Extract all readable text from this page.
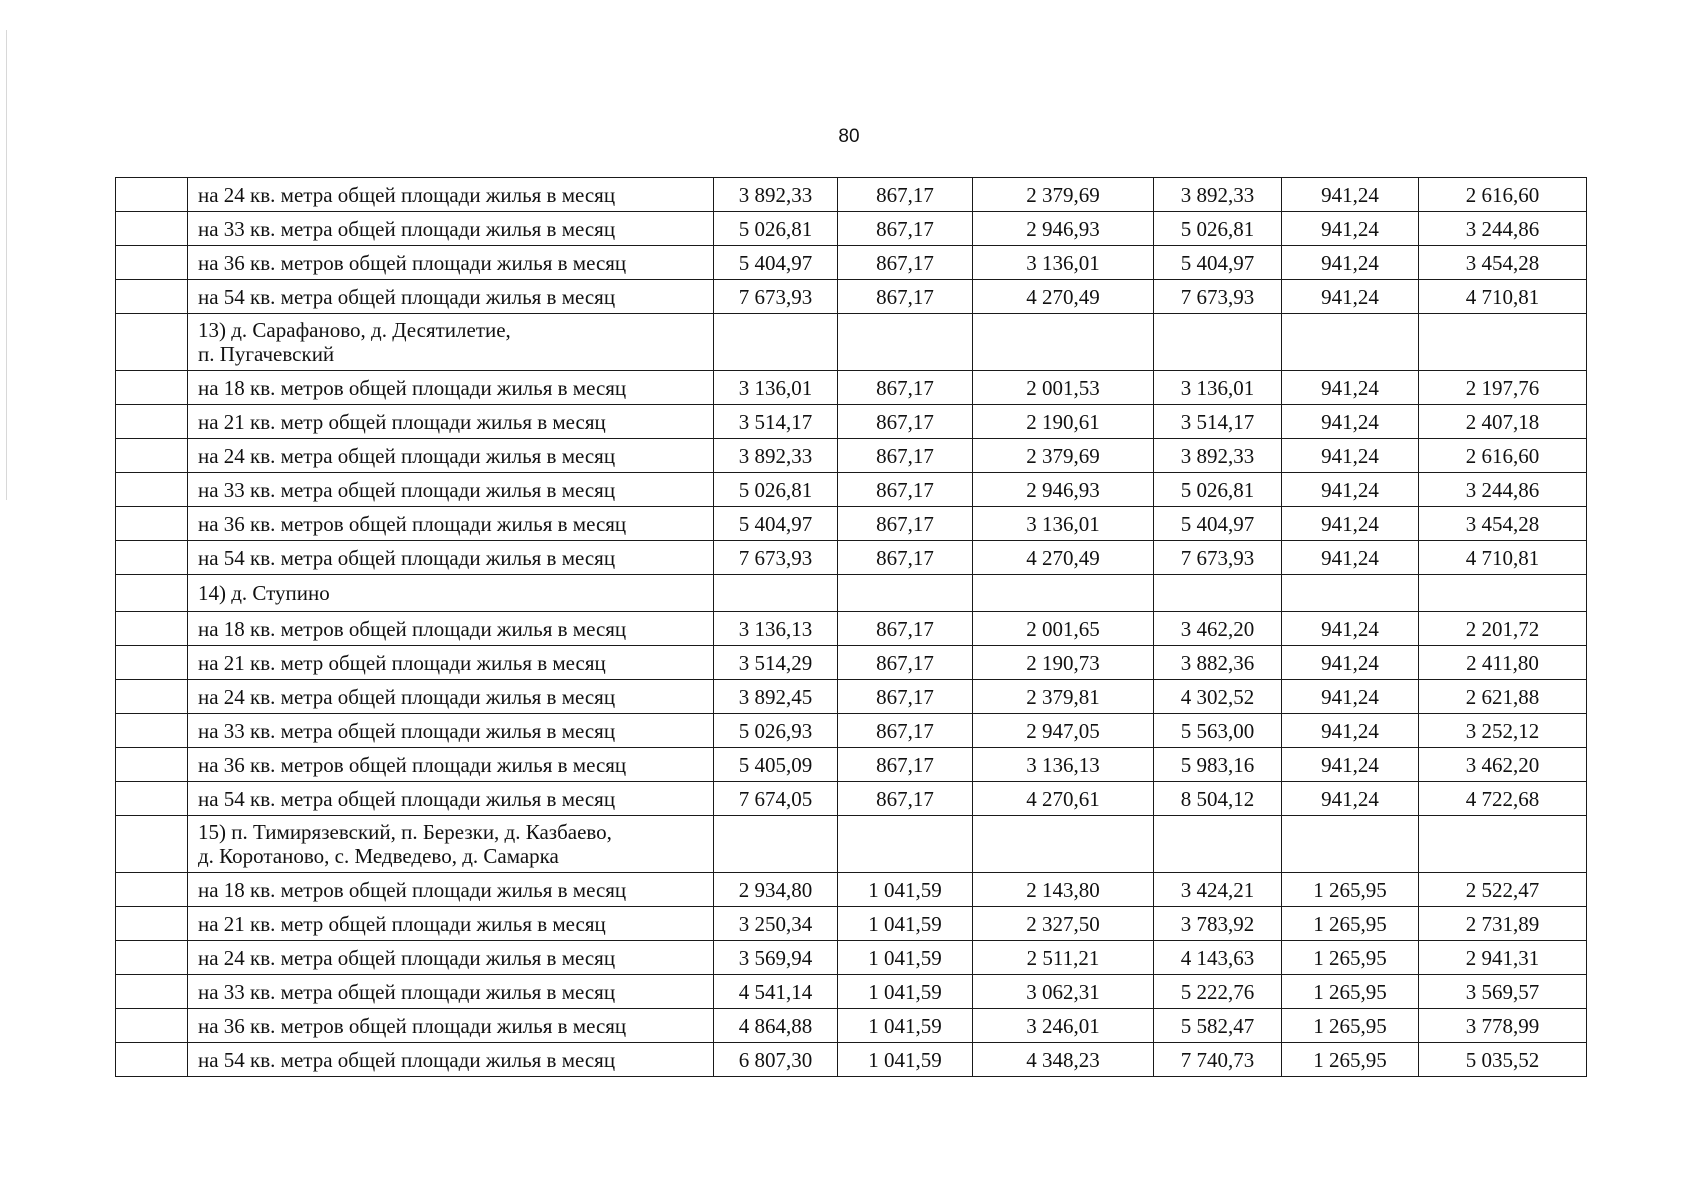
80
	на 24 кв. метра общей площади жилья в месяц	3 892,33	867,17	2 379,69	3 892,33	941,24	2 616,60
	на 33 кв. метра общей площади жилья в месяц	5 026,81	867,17	2 946,93	5 026,81	941,24	3 244,86
	на 36 кв. метров общей площади жилья в месяц	5 404,97	867,17	3 136,01	5 404,97	941,24	3 454,28
	на 54 кв. метра общей площади жилья в месяц	7 673,93	867,17	4 270,49	7 673,93	941,24	4 710,81

	13) д. Сарафаново, д. Десятилетие,
п. Пугачевский						

	на 18 кв. метров общей площади жилья в месяц	3 136,01	867,17	2 001,53	3 136,01	941,24	2 197,76
	на 21 кв. метр общей площади жилья в месяц	3 514,17	867,17	2 190,61	3 514,17	941,24	2 407,18
	на 24 кв. метра общей площади жилья в месяц	3 892,33	867,17	2 379,69	3 892,33	941,24	2 616,60
	на 33 кв. метра общей площади жилья в месяц	5 026,81	867,17	2 946,93	5 026,81	941,24	3 244,86
	на 36 кв. метров общей площади жилья в месяц	5 404,97	867,17	3 136,01	5 404,97	941,24	3 454,28
	на 54 кв. метра общей площади жилья в месяц	7 673,93	867,17	4 270,49	7 673,93	941,24	4 710,81

	14) д. Ступино						

	на 18 кв. метров общей площади жилья в месяц	3 136,13	867,17	2 001,65	3 462,20	941,24	2 201,72
	на 21 кв. метр общей площади жилья в месяц	3 514,29	867,17	2 190,73	3 882,36	941,24	2 411,80
	на 24 кв. метра общей площади жилья в месяц	3 892,45	867,17	2 379,81	4 302,52	941,24	2 621,88
	на 33 кв. метра общей площади жилья в месяц	5 026,93	867,17	2 947,05	5 563,00	941,24	3 252,12
	на 36 кв. метров общей площади жилья в месяц	5 405,09	867,17	3 136,13	5 983,16	941,24	3 462,20
	на 54 кв. метра общей площади жилья в месяц	7 674,05	867,17	4 270,61	8 504,12	941,24	4 722,68

	15) п. Тимирязевский, п. Березки, д. Казбаево,
д. Коротаново, с. Медведево, д. Самарка						

	на 18 кв. метров общей площади жилья в месяц	2 934,80	1 041,59	2 143,80	3 424,21	1 265,95	2 522,47
	на 21 кв. метр общей площади жилья в месяц	3 250,34	1 041,59	2 327,50	3 783,92	1 265,95	2 731,89
	на 24 кв. метра общей площади жилья в месяц	3 569,94	1 041,59	2 511,21	4 143,63	1 265,95	2 941,31
	на 33 кв. метра общей площади жилья в месяц	4 541,14	1 041,59	3 062,31	5 222,76	1 265,95	3 569,57
	на 36 кв. метров общей площади жилья в месяц	4 864,88	1 041,59	3 246,01	5 582,47	1 265,95	3 778,99
	на 54 кв. метра общей площади жилья в месяц	6 807,30	1 041,59	4 348,23	7 740,73	1 265,95	5 035,52
